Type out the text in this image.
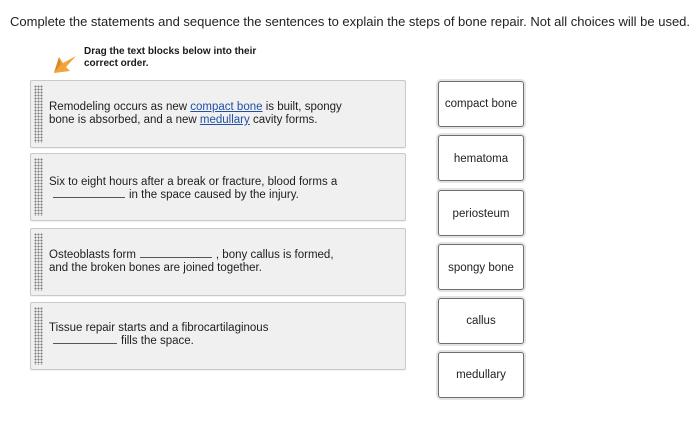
Complete the statements and sequence the sentences to explain the steps of bone repair. Not all choices will be used.
Drag the text blocks below into their
correct order.
Remodeling occurs as new compact bone is built, spongy
bone is absorbed, and a new medullary cavity forms.
Six to eight hours after a break or fracture, blood forms a
in the space caused by the injury.
Osteoblasts form	, bony callus is formed,
and the broken bones are joined together.
Tissue repair starts and a fibrocartilaginous
fills the space.
compact bone
hematoma
periosteum
spongy bone
callus
medullary
